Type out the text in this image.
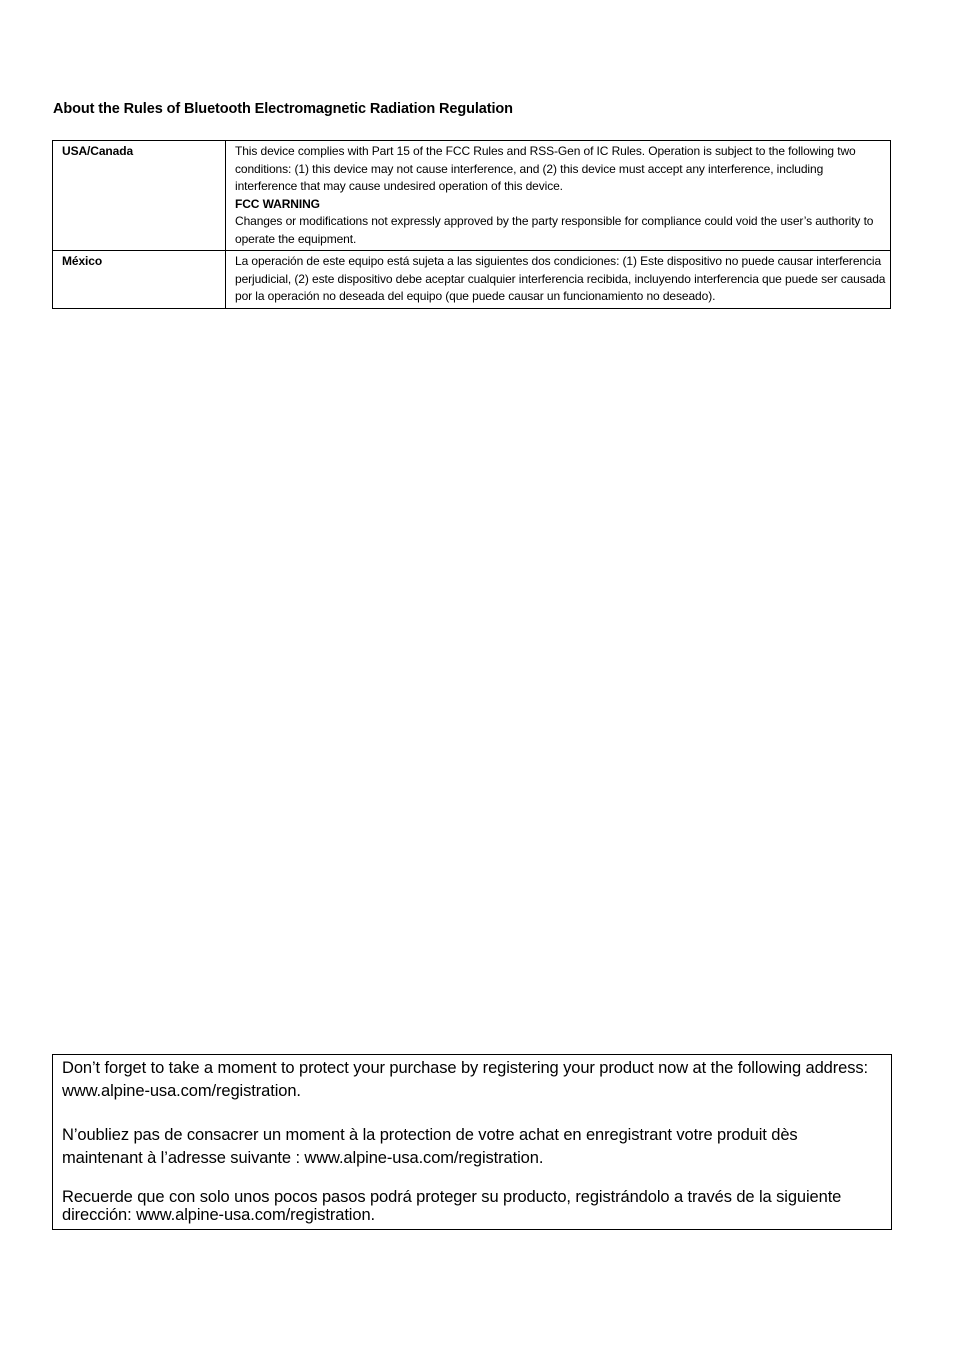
About the Rules of Bluetooth Electromagnetic Radiation Regulation
USA/Canada	This device complies with Part 15 of the FCC Rules and RSS-Gen of IC Rules. Operation is subject to the following two conditions: (1) this device may not cause interference, and (2) this device must accept any interference, including interference that may cause undesired operation of this device.
FCC WARNING
Changes or modifications not expressly approved by the party responsible for compliance could void the user’s authority to operate the equipment.

México	La operación de este equipo está sujeta a las siguientes dos condiciones: (1) Este dispositivo no puede causar interferencia perjudicial, (2) este dispositivo debe aceptar cualquier interferencia recibida, incluyendo interferencia que puede ser causada por la operación no deseada del equipo (que puede causar un funcionamiento no deseado).

Don’t forget to take a moment to protect your purchase by registering your product now at the following address: www.alpine-usa.com/registration.

N’oubliez pas de consacrer un moment à la protection de votre achat en enregistrant votre produit dès maintenant à l’adresse suivante : www.alpine-usa.com/registration.

Recuerde que con solo unos pocos pasos podrá proteger su producto, registrándolo a través de la siguiente dirección: www.alpine-usa.com/registration.
